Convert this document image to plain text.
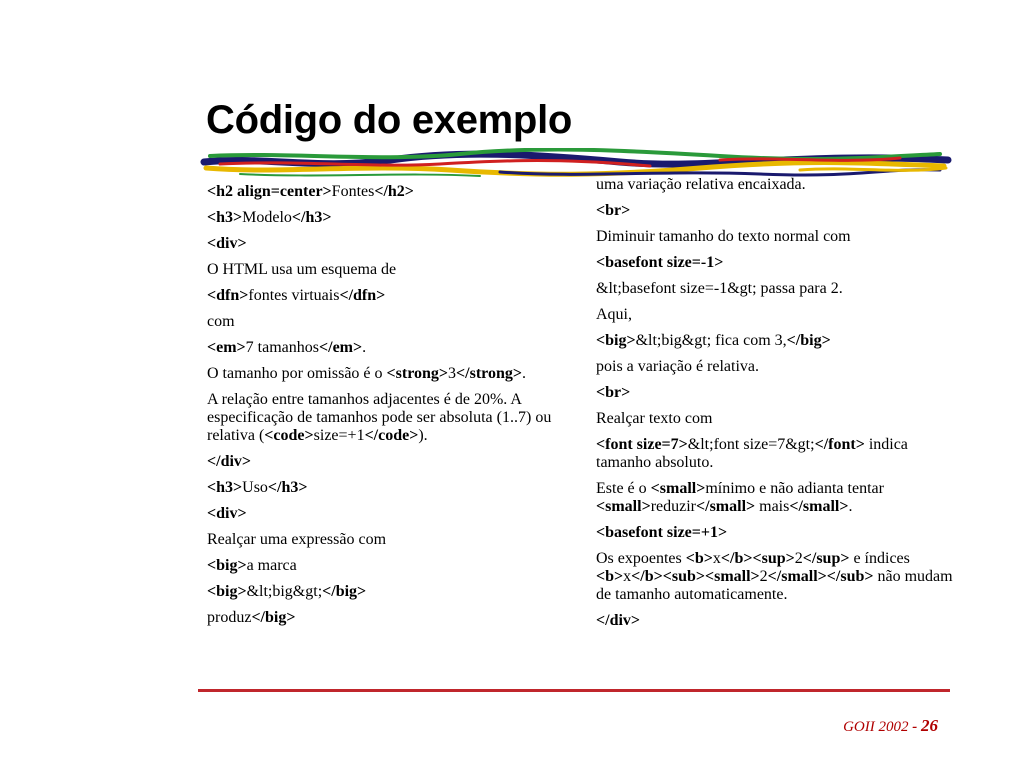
Código do exemplo
<h2 align=center>Fontes</h2>
<h3>Modelo</h3>
<div>
O HTML usa um esquema de
<dfn>fontes virtuais</dfn>
com
<em>7 tamanhos</em>.
O tamanho por omissão é o <strong>3</strong>.
A relação entre tamanhos adjacentes é de 20%. A especificação de tamanhos pode ser absoluta (1..7) ou relativa (<code>size=+1</code>).
</div>
<h3>Uso</h3>
<div>
Realçar uma expressão com
<big>a marca
<big>&lt;big&gt;</big>
produz</big>
uma variação relativa encaixada.
<br>
Diminuir tamanho do texto normal com
<basefont size=-1>
&lt;basefont size=-1&gt; passa para 2.
Aqui,
<big>&lt;big&gt; fica com 3,</big>
pois a variação é relativa.
<br>
Realçar texto com
<font size=7>&lt;font size=7&gt;</font> indica tamanho absoluto.
Este é o <small>mínimo e não adianta tentar <small>reduzir</small> mais</small>.
<basefont size=+1>
Os expoentes <b>x</b><sup>2</sup> e índices <b>x</b><sub><small>2</small></sub> não mudam de tamanho automaticamente.
</div>
GOII 2002 - 26
